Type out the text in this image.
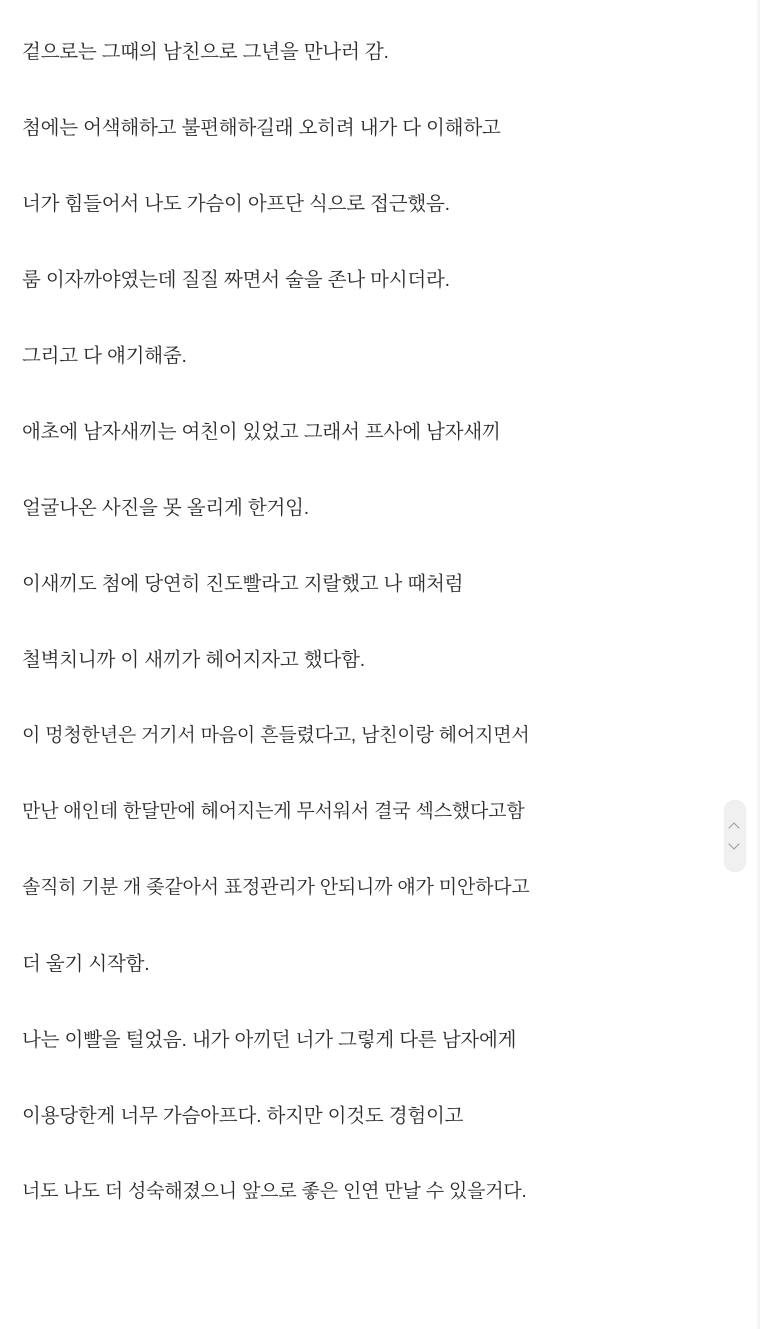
겉으로는 그때의 남친으로 그년을 만나러 감.

첨에는 어색해하고 불편해하길래 오히려 내가 다 이해하고

너가 힘들어서 나도 가슴이 아프단 식으로 접근했음.

룸 이자까야였는데 질질 짜면서 술을 존나 마시더라.

그리고 다 얘기해줌.

애초에 남자새끼는 여친이 있었고 그래서 프사에 남자새끼

얼굴나온 사진을 못 올리게 한거임.

이새끼도 첨에 당연히 진도빨라고 지랄했고 나 때처럼

철벽치니까 이 새끼가 헤어지자고 했다함.

이 멍청한년은 거기서 마음이 흔들렸다고, 남친이랑 헤어지면서

만난 애인데 한달만에 헤어지는게 무서워서 결국 섹스했다고함

솔직히 기분 개 좆같아서 표정관리가 안되니까 얘가 미안하다고

더 울기 시작함.

나는 이빨을 털었음. 내가 아끼던 너가 그렇게 다른 남자에게

이용당한게 너무 가슴아프다. 하지만 이것도 경험이고

너도 나도 더 성숙해졌으니 앞으로 좋은 인연 만날 수 있을거다.
